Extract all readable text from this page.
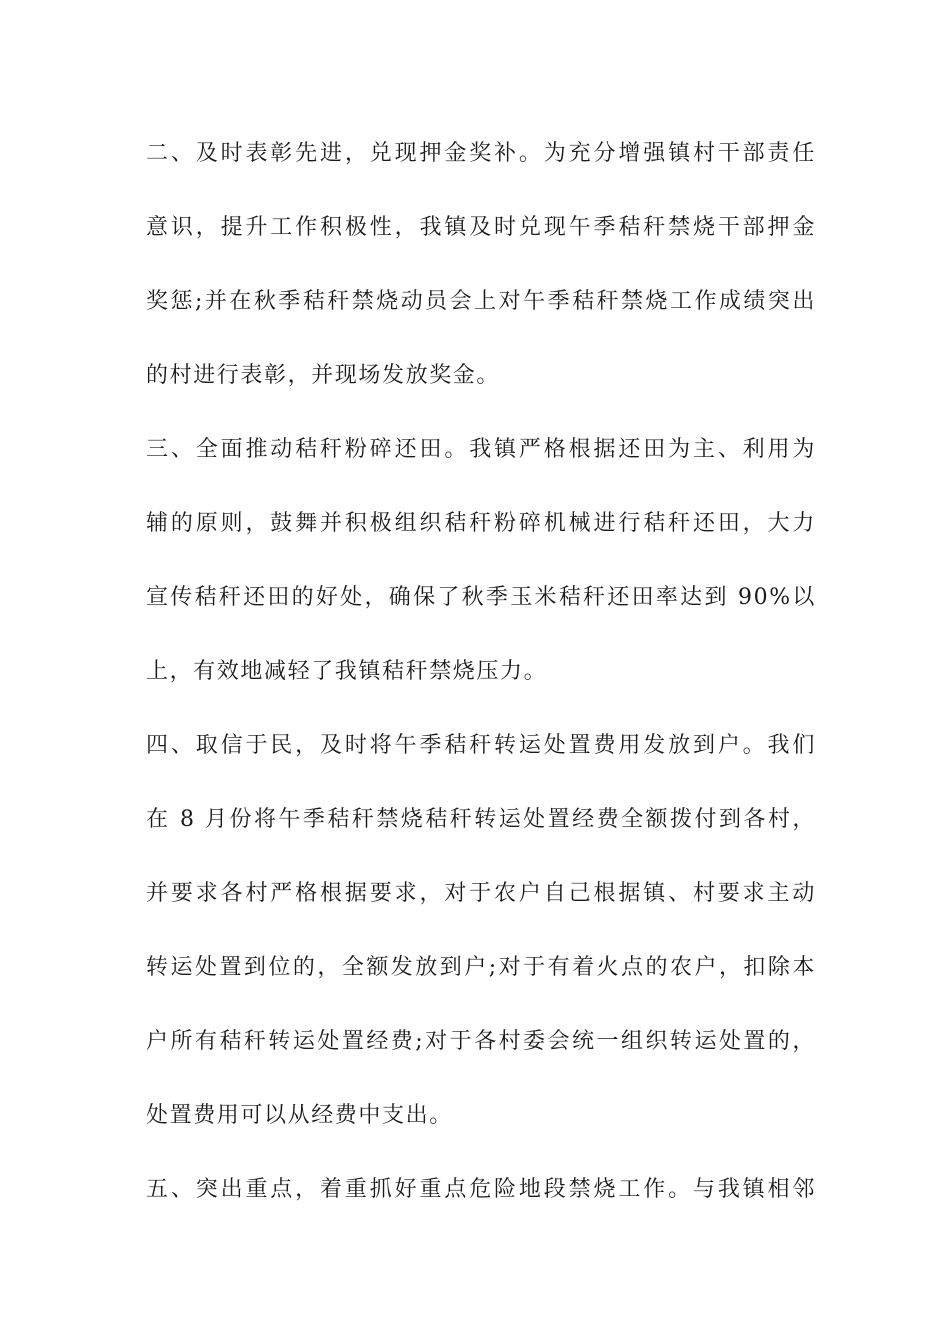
二、及时表彰先进，兑现押金奖补。为充分增强镇村干部责任
意识，提升工作积极性，我镇及时兑现午季秸秆禁烧干部押金
奖惩;并在秋季秸秆禁烧动员会上对午季秸秆禁烧工作成绩突出
的村进行表彰，并现场发放奖金。
三、全面推动秸秆粉碎还田。我镇严格根据还田为主、利用为
辅的原则，鼓舞并积极组织秸秆粉碎机械进行秸秆还田，大力
宣传秸秆还田的好处，确保了秋季玉米秸秆还田率达到 90%以
上，有效地减轻了我镇秸秆禁烧压力。
四、取信于民，及时将午季秸秆转运处置费用发放到户。我们
在 8 月份将午季秸秆禁烧秸秆转运处置经费全额拨付到各村，
并要求各村严格根据要求，对于农户自己根据镇、村要求主动
转运处置到位的，全额发放到户;对于有着火点的农户，扣除本
户所有秸秆转运处置经费;对于各村委会统一组织转运处置的，
处置费用可以从经费中支出。
五、突出重点，着重抓好重点危险地段禁烧工作。与我镇相邻
